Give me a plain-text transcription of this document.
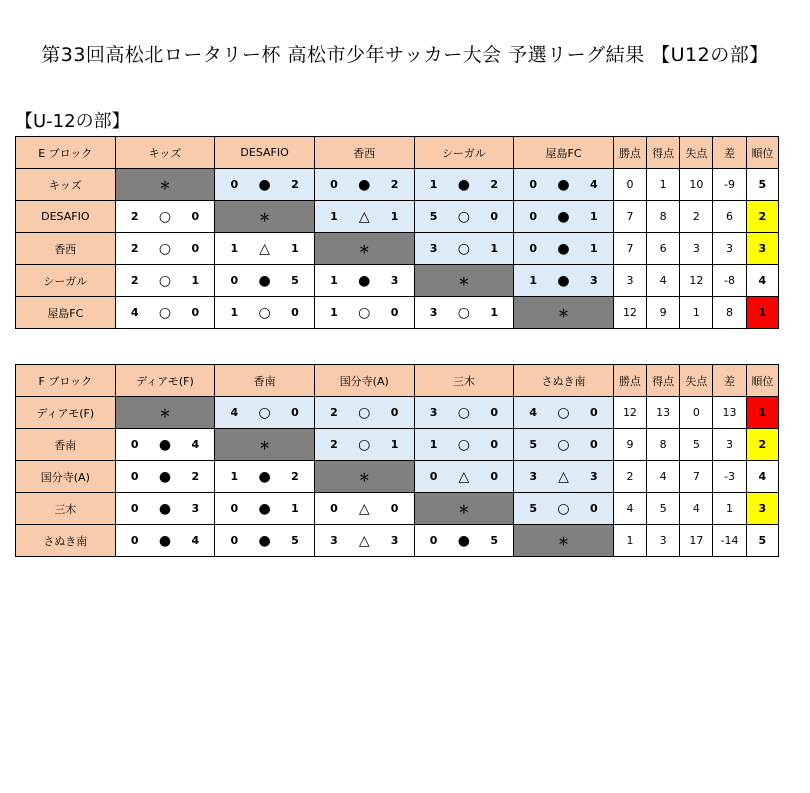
第33回高松北ロータリー杯 高松市少年サッカー大会 予選リーグ結果 【U12の部】
【U-12の部】
E ブロック	キッズ	DESAFIO	香西	シーガル	屋島FC	勝点	得点	失点	差	順位
キッズ	＊	0 ● 2	0 ● 2	1 ● 2	0 ● 4	0	1	10	-9	5
DESAFIO	2 ○ 0	＊	1 △ 1	5 ○ 0	0 ● 1	7	8	2	6	2
香西	2 ○ 0	1 △ 1	＊	3 ○ 1	0 ● 1	7	6	3	3	3
シーガル	2 ○ 1	0 ● 5	1 ● 3	＊	1 ● 3	3	4	12	-8	4
屋島FC	4 ○ 0	1 ○ 0	1 ○ 0	3 ○ 1	＊	12	9	1	8	1
F ブロック	ディアモ(F)	香南	国分寺(A)	三木	さぬき南	勝点	得点	失点	差	順位
ディアモ(F)	＊	4 ○ 0	2 ○ 0	3 ○ 0	4 ○ 0	12	13	0	13	1
香南	0 ● 4	＊	2 ○ 1	1 ○ 0	5 ○ 0	9	8	5	3	2
国分寺(A)	0 ● 2	1 ● 2	＊	0 △ 0	3 △ 3	2	4	7	-3	4
三木	0 ● 3	0 ● 1	0 △ 0	＊	5 ○ 0	4	5	4	1	3
さぬき南	0 ● 4	0 ● 5	3 △ 3	0 ● 5	＊	1	3	17	-14	5
